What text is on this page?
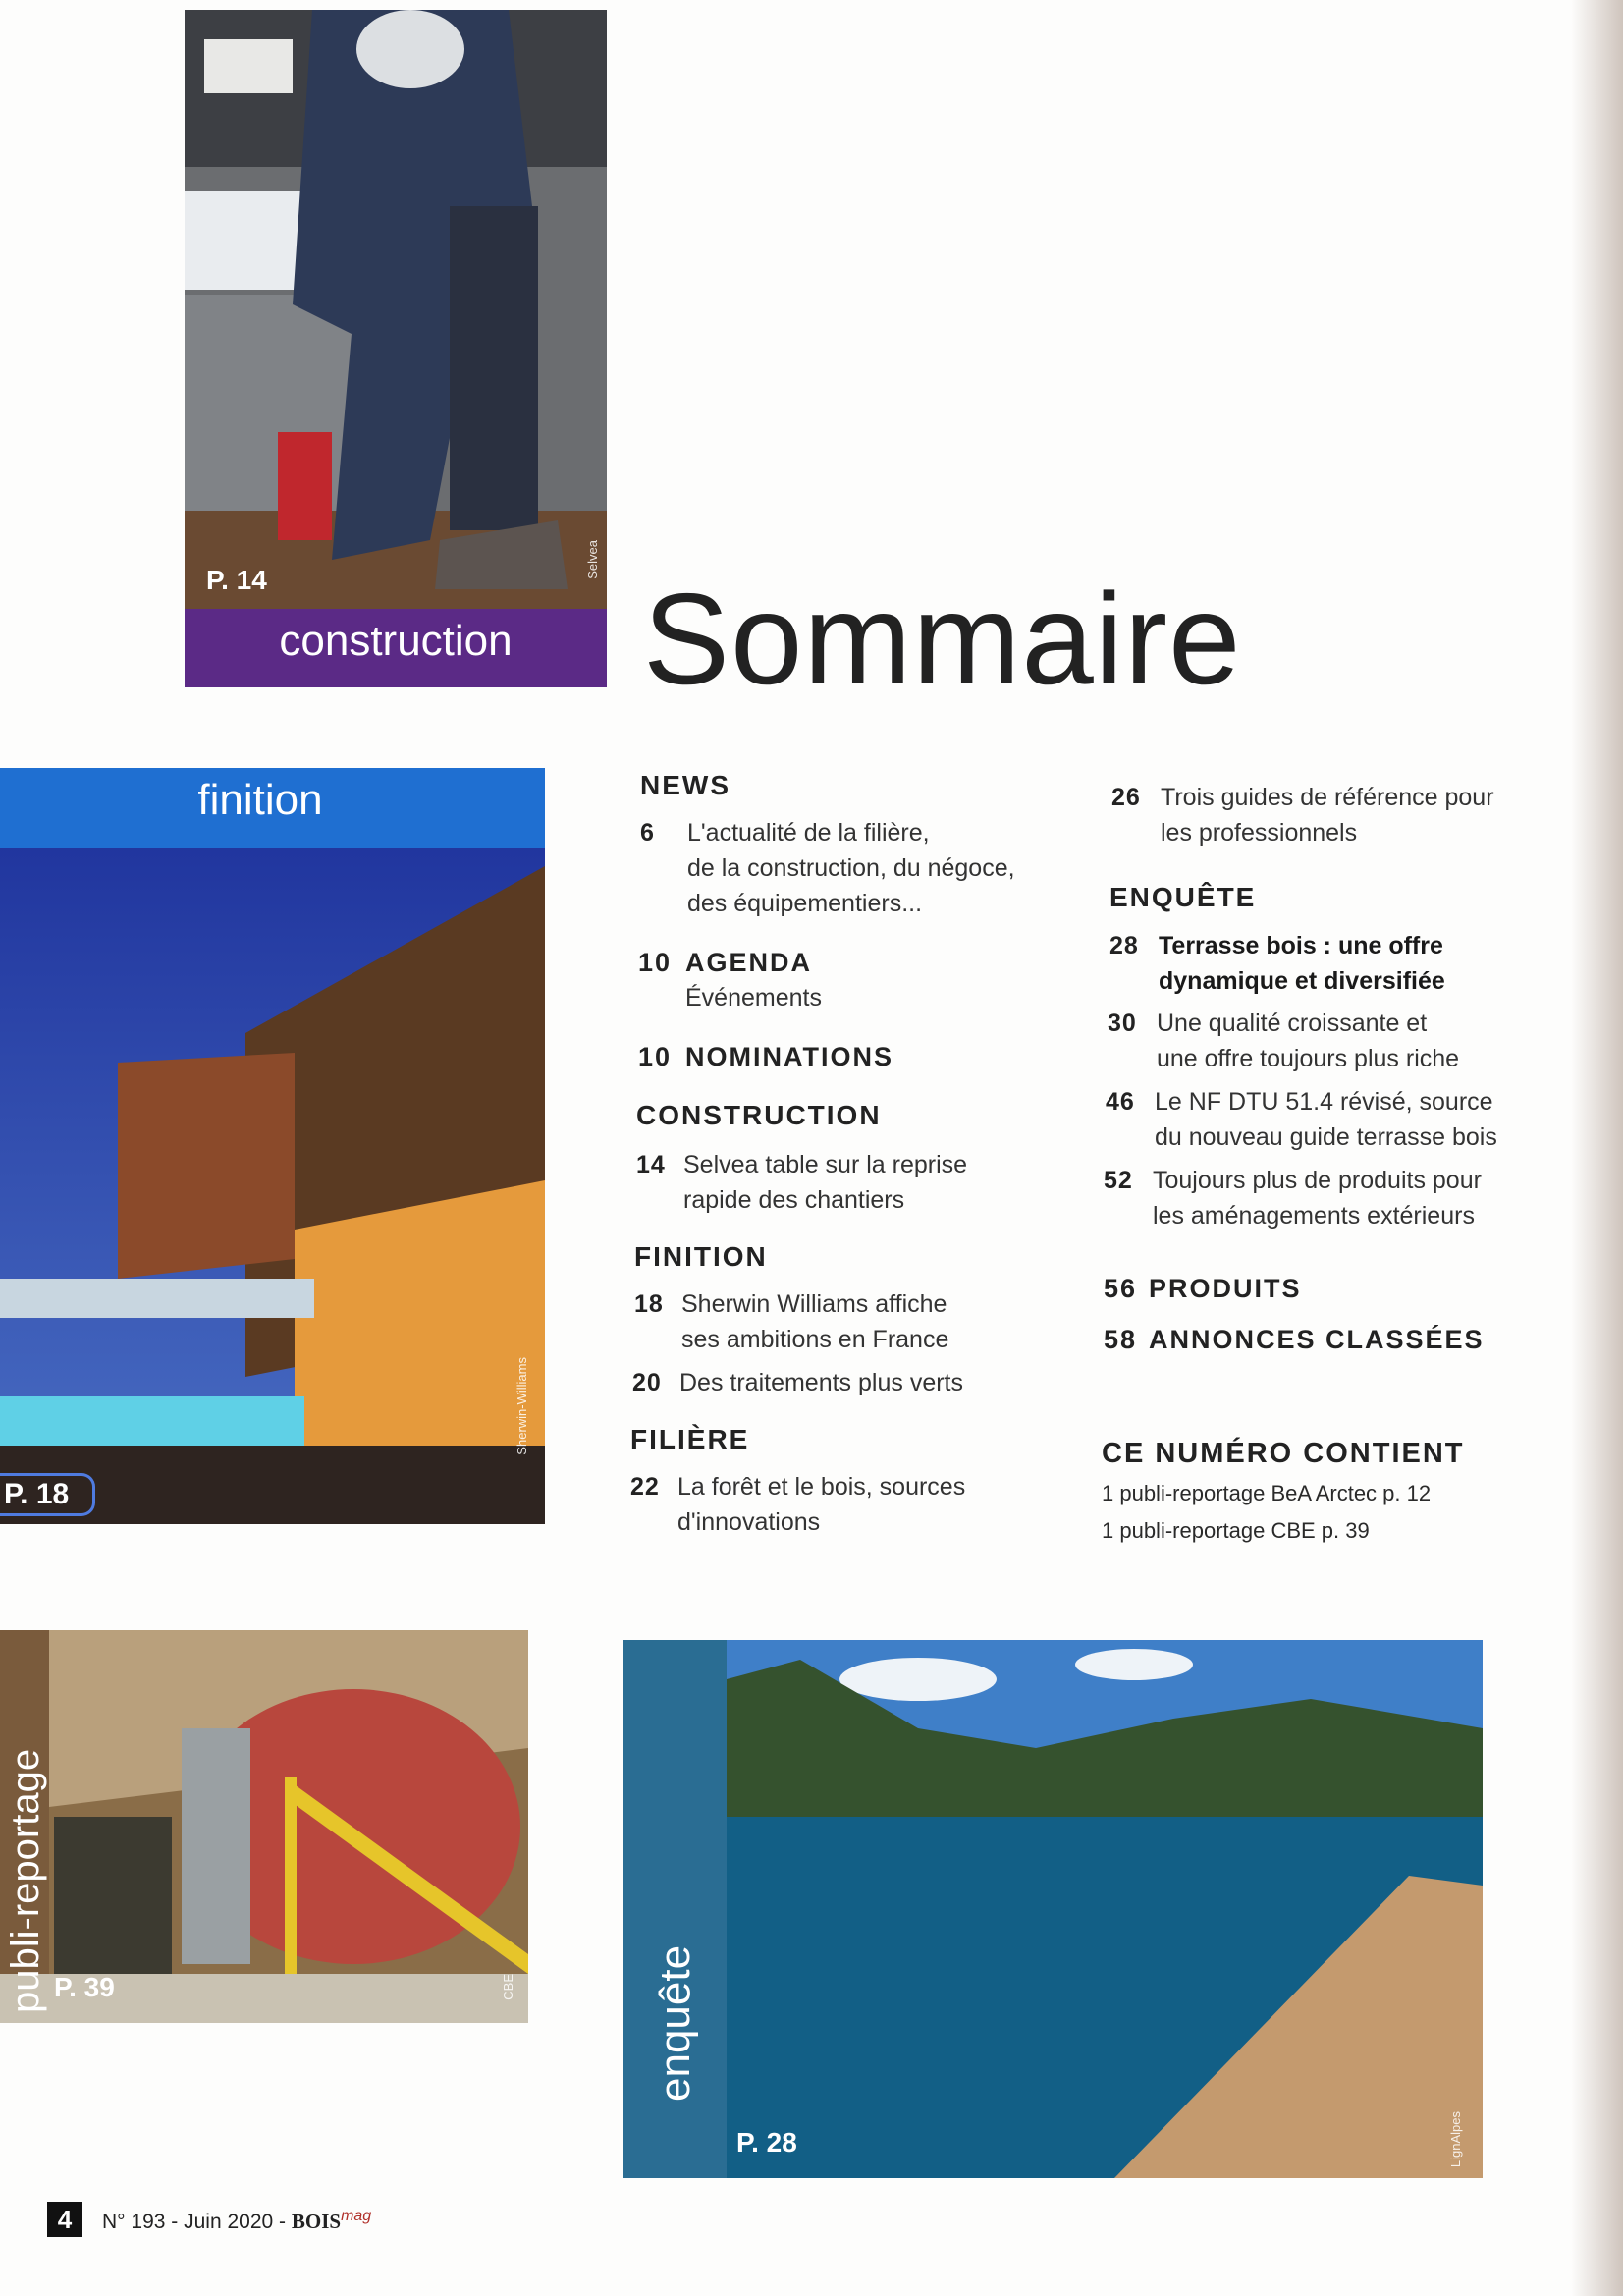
P. 14
construction
Selvea
Sommaire
finition
P. 18
Sherwin-Williams
publi-reportage P. 39	CBE	enquête
P. 28	LignAlpes
NEWS
6 L'actualité de la filière,
de la construction, du négoce,
des équipementiers...
10 AGENDA
Événements
10 NOMINATIONS
CONSTRUCTION
14 Selvea table sur la reprise
rapide des chantiers
FINITION
18 Sherwin Williams affiche
ses ambitions en France
20 Des traitements plus verts
FILIÈRE
22 La forêt et le bois, sources
d'innovations
26 Trois guides de référence pour
les professionnels
ENQUÊTE
28 Terrasse bois : une offre
dynamique et diversifiée
30 Une qualité croissante et
une offre toujours plus riche
46 Le NF DTU 51.4 révisé, source
du nouveau guide terrasse bois
52 Toujours plus de produits pour
les aménagements extérieurs
56 PRODUITS
58 ANNONCES CLASSÉES
CE NUMÉRO CONTIENT
1 publi-reportage BeA Arctec p. 12
1 publi-reportage CBE p. 39
4	N° 193 - Juin $2020 - BOIS^{mag}$
